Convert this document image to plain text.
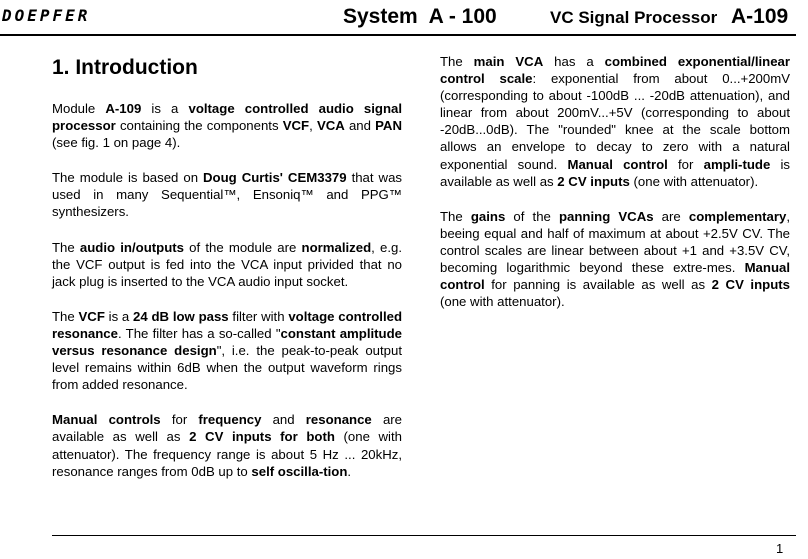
DOEPFER	System  A - 100	VC Signal Processor A-109
1. Introduction

Module A-109 is a voltage controlled audio signal processor containing the components VCF, VCA and PAN (see fig. 1 on page 4).

The module is based on Doug Curtis' CEM3379 that was used in many Sequential™, Ensoniq™ and PPG™ synthesizers.

The audio in/outputs of the module are normalized, e.g. the VCF output is fed into the VCA input privided that no jack plug is inserted to the VCA audio input socket.

The VCF is a 24 dB low pass filter with voltage controlled resonance. The filter has a so-called "constant amplitude versus resonance design", i.e. the peak-to-peak output level remains within 6dB when the output waveform rings from added resonance.

Manual controls for frequency and resonance are available as well as 2 CV inputs for both (one with attenuator). The frequency range is about 5 Hz ... 20kHz, resonance ranges from 0dB up to self oscilla-tion.

The main VCA has a combined exponential/linear control scale: exponential from about 0...+200mV (corresponding to about -100dB ... -20dB attenuation), and linear from about 200mV...+5V (corresponding to about -20dB...0dB). The "rounded" knee at the scale bottom allows an envelope to decay to zero with a natural exponential sound. Manual control for ampli-tude is available as well as 2 CV inputs (one with attenuator).

The gains of the panning VCAs are complementary, beeing equal and half of maximum at about +2.5V CV. The control scales are linear between about +1 and +3.5V CV, becoming logarithmic beyond these extre-mes. Manual control for panning is available as well as 2 CV inputs (one with attenuator).

1
